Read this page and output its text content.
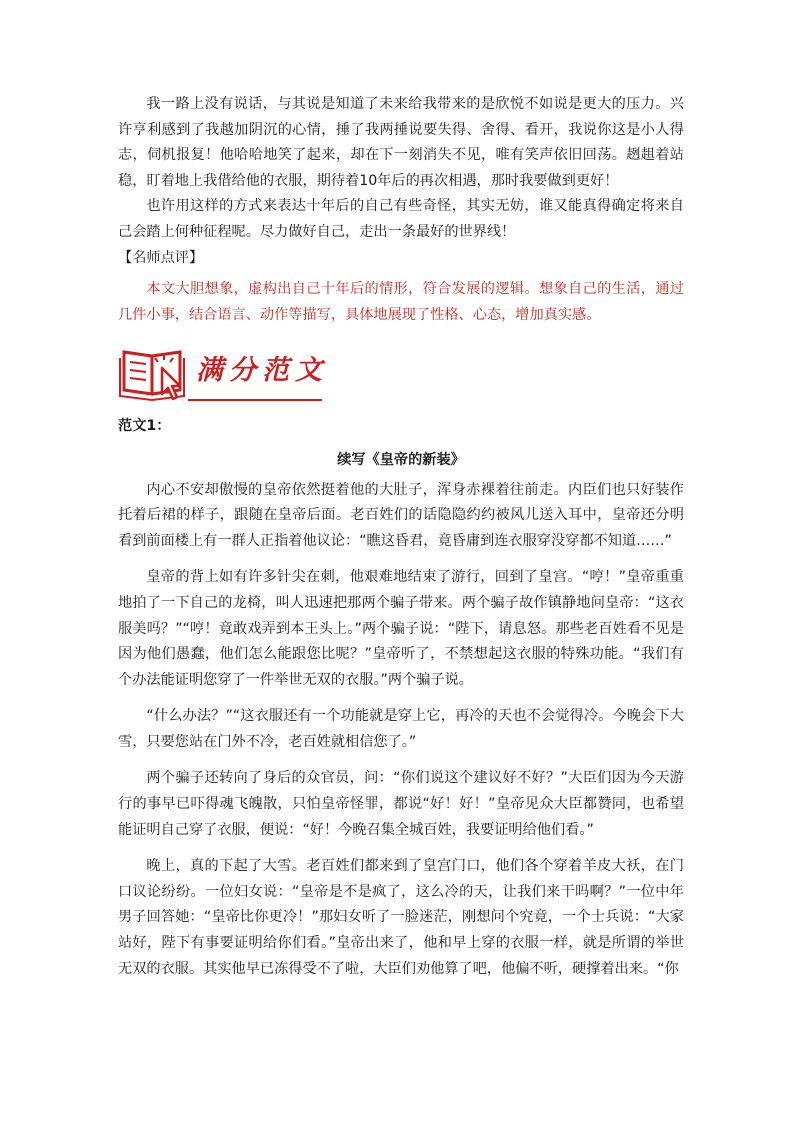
我一路上没有说话，与其说是知道了未来给我带来的是欣悦不如说是更大的压力。兴许亨利感到了我越加阴沉的心情，捶了我两捶说要失得、舍得、看开，我说你这是小人得志，伺机报复！他哈哈地笑了起来，却在下一刻消失不见，唯有笑声依旧回荡。趔趄着站稳，盯着地上我借给他的衣服，期待着10年后的再次相遇，那时我要做到更好！

也许用这样的方式来表达十年后的自己有些奇怪，其实无妨，谁又能真得确定将来自己会踏上何种征程呢。尽力做好自己，走出一条最好的世界线！

【名师点评】

本文大胆想象，虚构出自己十年后的情形，符合发展的逻辑。想象自己的生活，通过几件小事，结合语言、动作等描写，具体地展现了性格、心态，增加真实感。

满分范文
范文1：
续写《皇帝的新装》

内心不安却傲慢的皇帝依然挺着他的大肚子，浑身赤裸着往前走。内臣们也只好装作托着后裙的样子，跟随在皇帝后面。老百姓们的话隐隐约约被风儿送入耳中，皇帝还分明看到前面楼上有一群人正指着他议论：“瞧这昏君，竟昏庸到连衣服穿没穿都不知道……”

皇帝的背上如有许多针尖在刺，他艰难地结束了游行，回到了皇宫。“哼！”皇帝重重地拍了一下自己的龙椅，叫人迅速把那两个骗子带来。两个骗子故作镇静地问皇帝：“这衣服美吗？”“哼！竟敢戏弄到本王头上。”两个骗子说：“陛下，请息怒。那些老百姓看不见是因为他们愚蠢，他们怎么能跟您比呢？”皇帝听了，不禁想起这衣服的特殊功能。“我们有个办法能证明您穿了一件举世无双的衣服。”两个骗子说。

“什么办法？”“这衣服还有一个功能就是穿上它，再冷的天也不会觉得冷。今晚会下大雪，只要您站在门外不冷，老百姓就相信您了。”

两个骗子还转向了身后的众官员，问：“你们说这个建议好不好？”大臣们因为今天游行的事早已吓得魂飞魄散，只怕皇帝怪罪，都说“好！好！”皇帝见众大臣都赞同，也希望能证明自己穿了衣服，便说：“好！今晚召集全城百姓，我要证明给他们看。”

晚上，真的下起了大雪。老百姓们都来到了皇宫门口，他们各个穿着羊皮大袄，在门口议论纷纷。一位妇女说：“皇帝是不是疯了，这么冷的天，让我们来干吗啊？”一位中年男子回答她：“皇帝比你更冷！”那妇女听了一脸迷茫，刚想问个究竟，一个士兵说：“大家站好，陛下有事要证明给你们看。”皇帝出来了，他和早上穿的衣服一样，就是所谓的举世无双的衣服。其实他早已冻得受不了啦，大臣们劝他算了吧，他偏不听，硬撑着出来。“你
